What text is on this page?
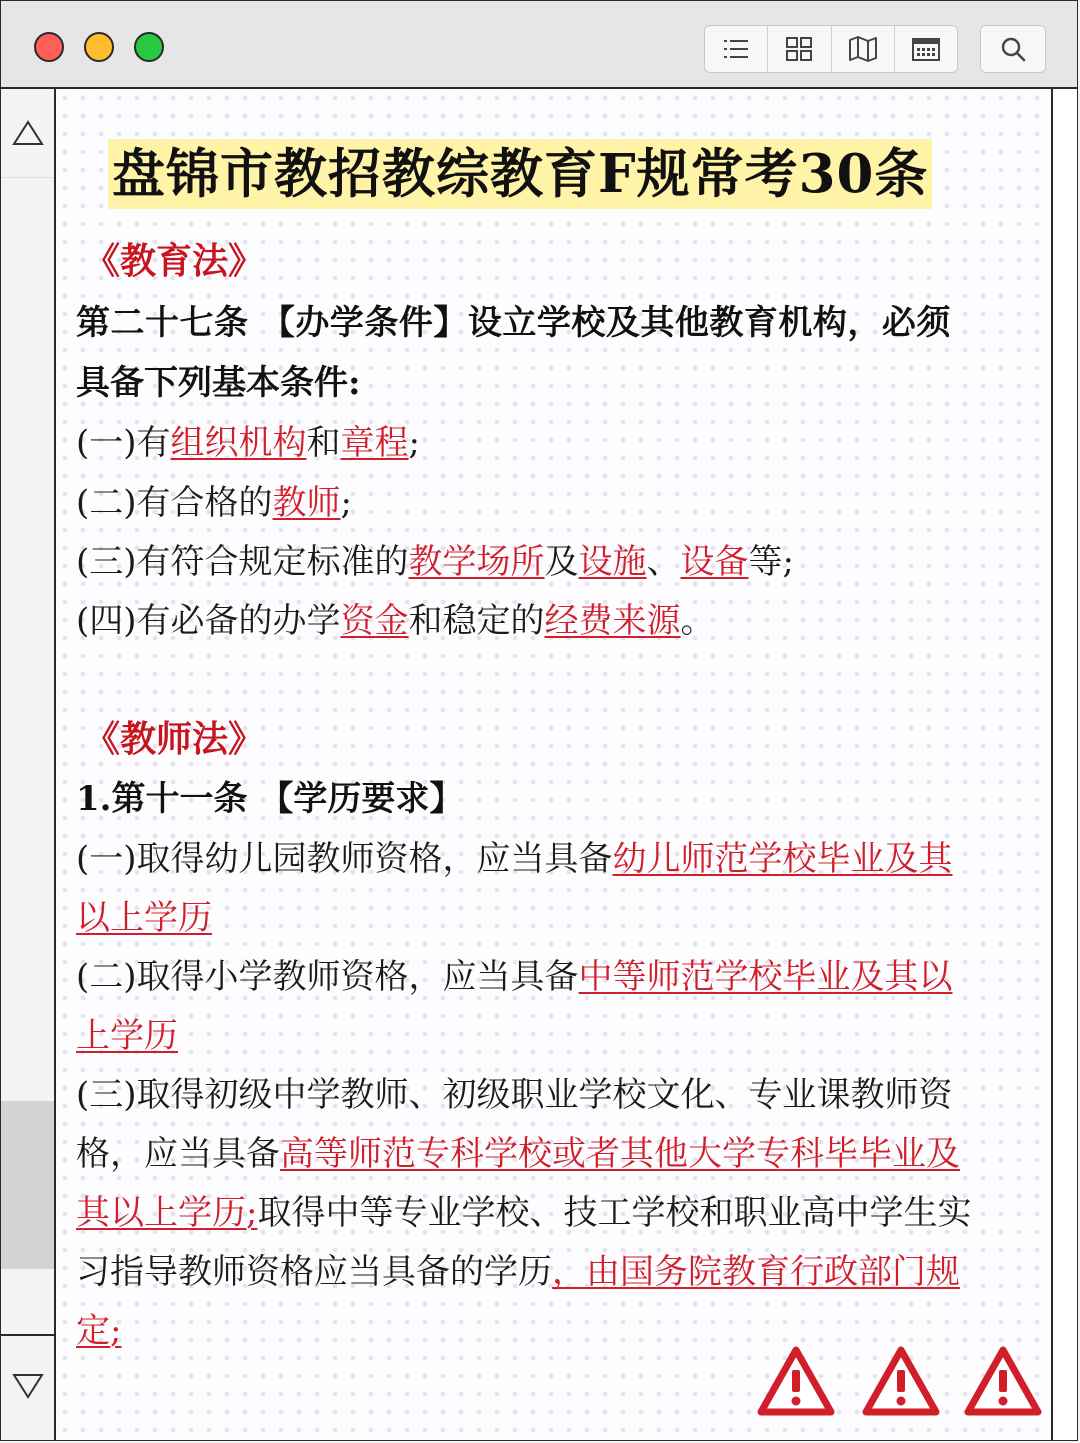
盘锦市教招教综教育F规常考30条
《教育法》
第二十七条 【办学条件】设立学校及其他教育机构，必须
具备下列基本条件:
(一)有组织机构和章程;
(二)有合格的教师;
(三)有符合规定标准的教学场所及设施、设备等;
(四)有必备的办学资金和稳定的经费来源。
《教师法》
1.第十一条 【学历要求】
(一)取得幼儿园教师资格，应当具备幼儿师范学校毕业及其
以上学历
(二)取得小学教师资格，应当具备中等师范学校毕业及其以
上学历
(三)取得初级中学教师、初级职业学校文化、专业课教师资
格，应当具备高等师范专科学校或者其他大学专科毕毕业及
其以上学历;取得中等专业学校、技工学校和职业高中学生实
习指导教师资格应当具备的学历，由国务院教育行政部门规
定;
